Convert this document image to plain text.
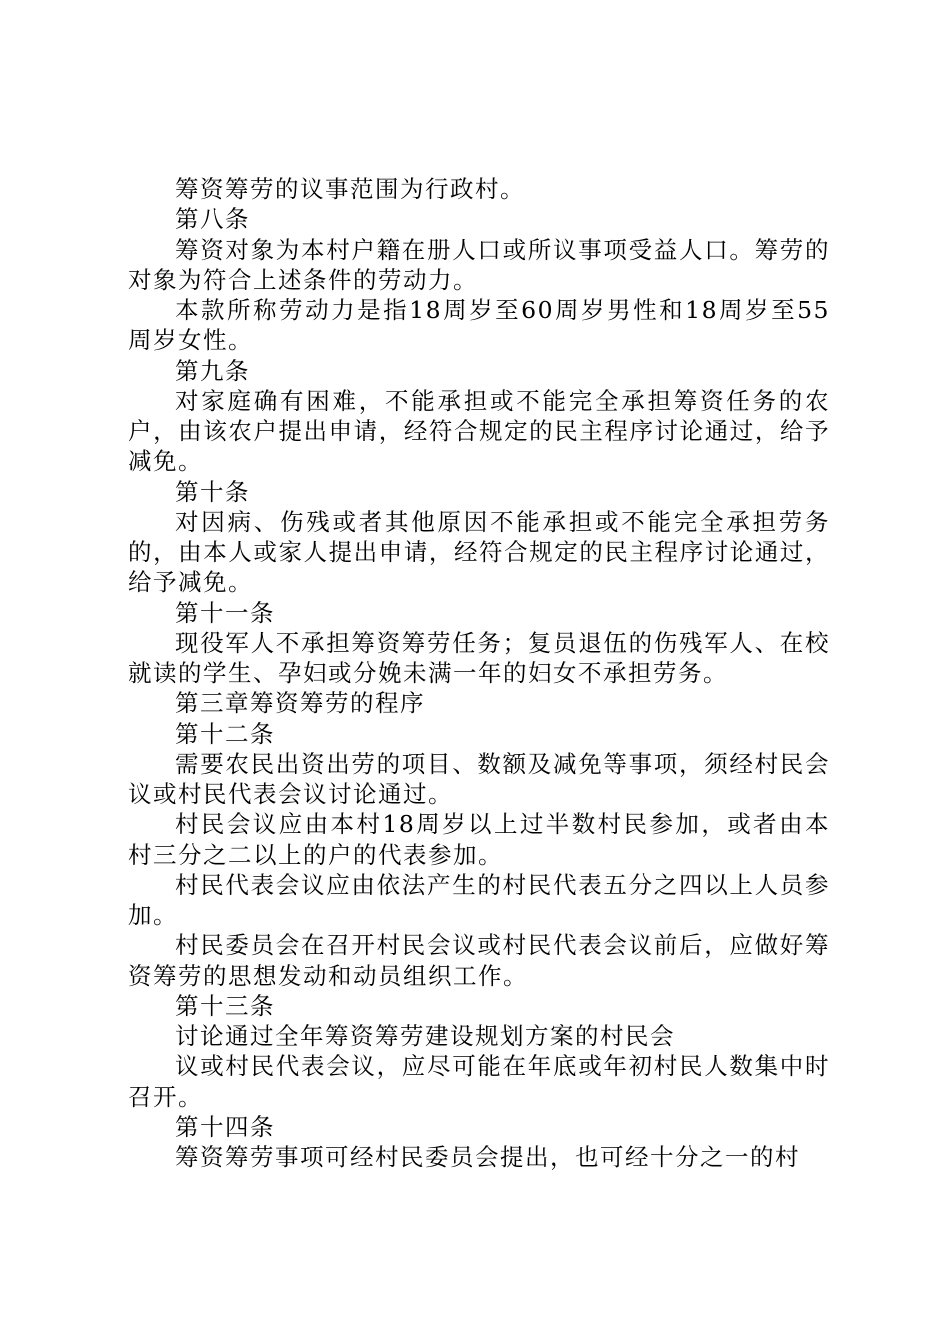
筹资筹劳的议事范围为行政村。

第八条

筹资对象为本村户籍在册人口或所议事项受益人口。筹劳的对象为符合上述条件的劳动力。

本款所称劳动力是指18周岁至60周岁男性和18周岁至55周岁女性。

第九条

对家庭确有困难，不能承担或不能完全承担筹资任务的农户，由该农户提出申请，经符合规定的民主程序讨论通过，给予减免。

第十条

对因病、伤残或者其他原因不能承担或不能完全承担劳务的，由本人或家人提出申请，经符合规定的民主程序讨论通过，给予减免。

第十一条

现役军人不承担筹资筹劳任务；复员退伍的伤残军人、在校就读的学生、孕妇或分娩未满一年的妇女不承担劳务。

第三章筹资筹劳的程序

第十二条

需要农民出资出劳的项目、数额及减免等事项，须经村民会议或村民代表会议讨论通过。

村民会议应由本村18周岁以上过半数村民参加，或者由本村三分之二以上的户的代表参加。

村民代表会议应由依法产生的村民代表五分之四以上人员参加。

村民委员会在召开村民会议或村民代表会议前后，应做好筹资筹劳的思想发动和动员组织工作。

第十三条

讨论通过全年筹资筹劳建设规划方案的村民会

议或村民代表会议，应尽可能在年底或年初村民人数集中时召开。

第十四条

筹资筹劳事项可经村民委员会提出，也可经十分之一的村
